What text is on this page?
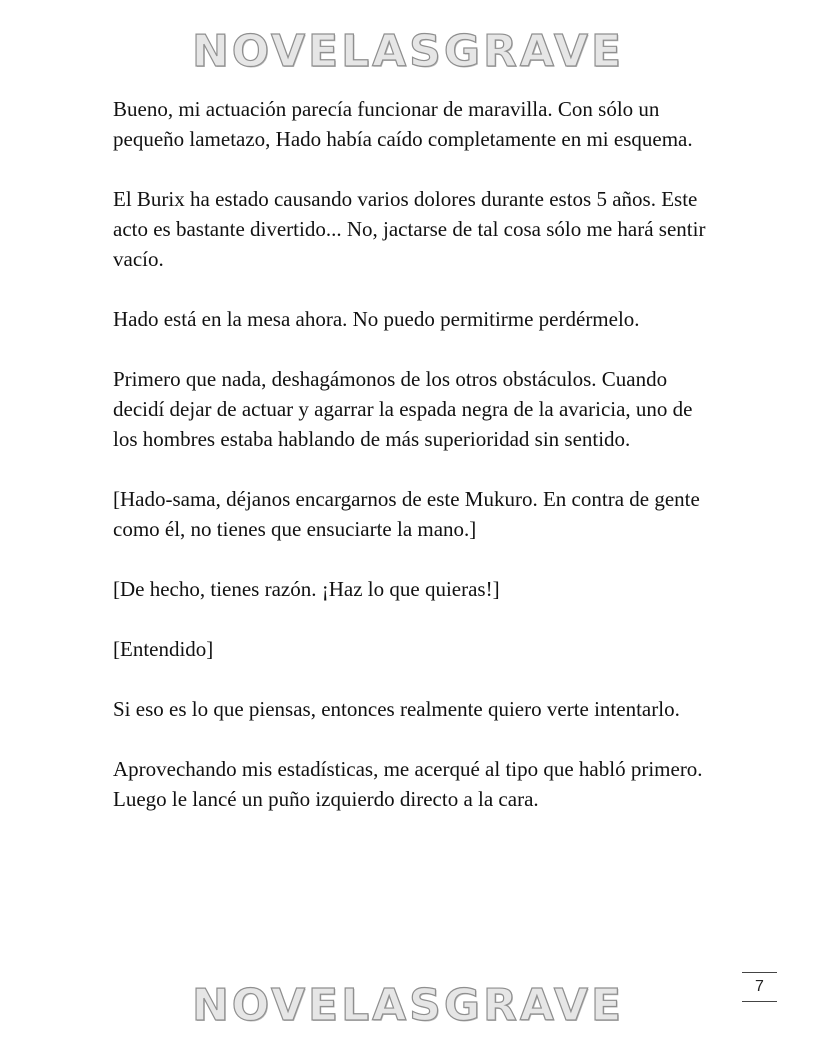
NOVELASGRAVE

Bueno, mi actuación parecía funcionar de maravilla. Con sólo un pequeño lametazo, Hado había caído completamente en mi esquema.

El Burix ha estado causando varios dolores durante estos 5 años. Este acto es bastante divertido... No, jactarse de tal cosa sólo me hará sentir vacío.

Hado está en la mesa ahora. No puedo permitirme perdérmelo.

Primero que nada, deshagámonos de los otros obstáculos. Cuando decidí dejar de actuar y agarrar la espada negra de la avaricia, uno de los hombres estaba hablando de más superioridad sin sentido.

[Hado-sama, déjanos encargarnos de este Mukuro. En contra de gente como él, no tienes que ensuciarte la mano.]

[De hecho, tienes razón. ¡Haz lo que quieras!]

[Entendido]

Si eso es lo que piensas, entonces realmente quiero verte intentarlo.

Aprovechando mis estadísticas, me acerqué al tipo que habló primero. Luego le lancé un puño izquierdo directo a la cara.

7
NOVELASGRAVE
